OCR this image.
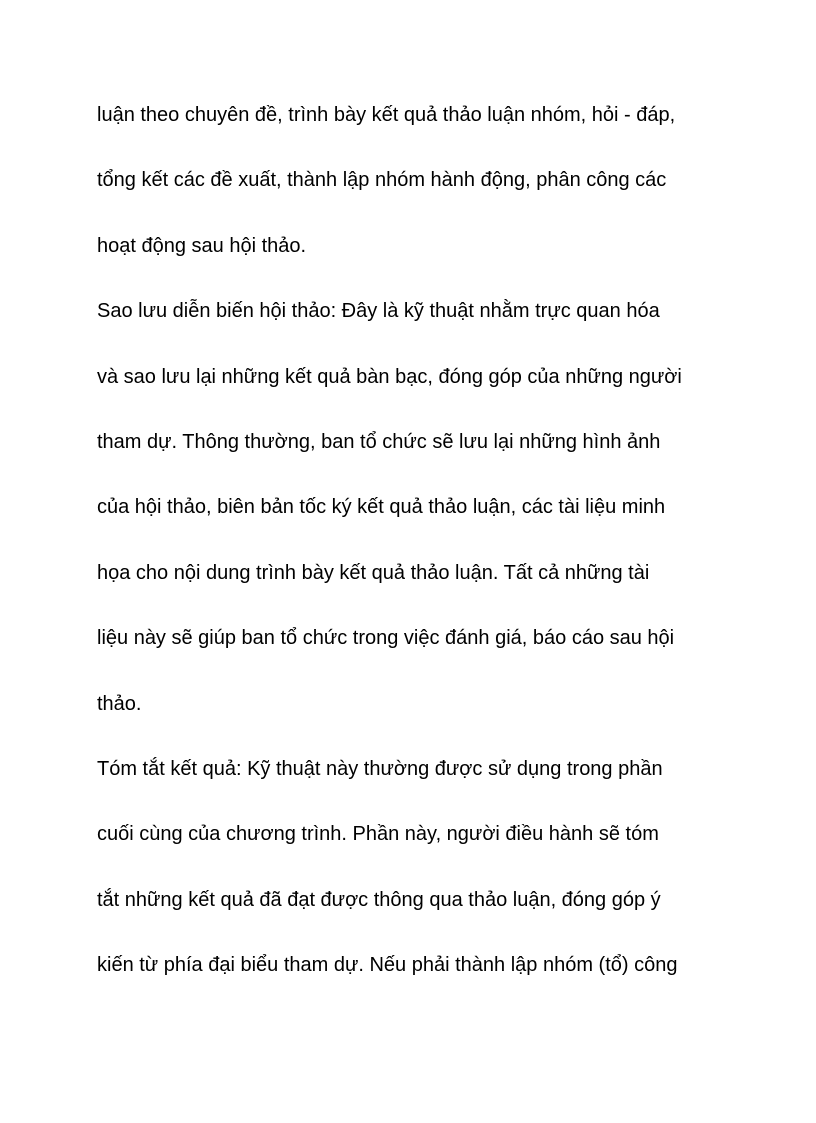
luận theo chuyên đề, trình bày kết quả thảo luận nhóm, hỏi - đáp,
tổng kết các đề xuất, thành lập nhóm hành động, phân công các
hoạt động sau hội thảo.
Sao lưu diễn biến hội thảo: Đây là kỹ thuật nhằm trực quan hóa
và sao lưu lại những kết quả bàn bạc, đóng góp của những người
tham dự. Thông thường, ban tổ chức sẽ lưu lại những hình ảnh
của hội thảo, biên bản tốc ký kết quả thảo luận, các tài liệu minh
họa cho nội dung trình bày kết quả thảo luận. Tất cả những tài
liệu này sẽ giúp ban tổ chức trong việc đánh giá, báo cáo sau hội
thảo.
Tóm tắt kết quả: Kỹ thuật này thường được sử dụng trong phần
cuối cùng của chương trình. Phần này, người điều hành sẽ tóm
tắt những kết quả đã đạt được thông qua thảo luận, đóng góp ý
kiến từ phía đại biểu tham dự. Nếu phải thành lập nhóm (tổ) công
